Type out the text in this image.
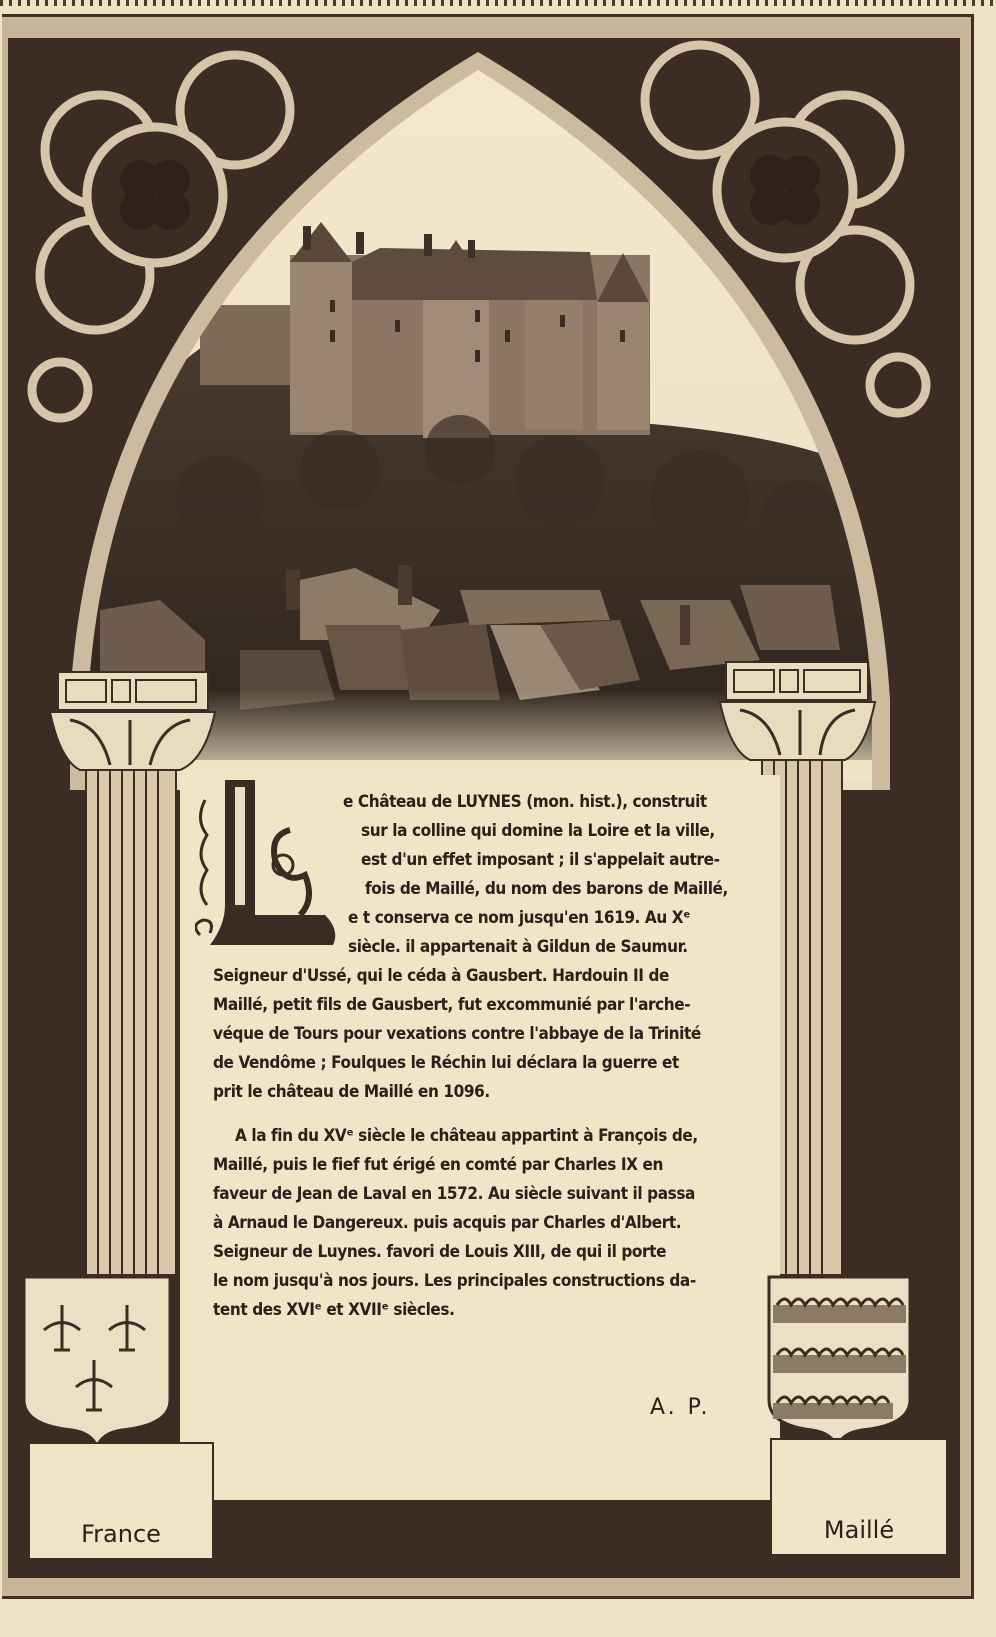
e Château de LUYNES (mon. hist.), construit
sur la colline qui domine la Loire et la ville,
est d'un effet imposant ; il s'appelait autre-
fois de Maillé, du nom des barons de Maillé,
e t conserva ce nom jusqu'en 1619. Au Xᵉ
siècle. il appartenait à Gildun de Saumur.
Seigneur d'Ussé, qui le céda à Gausbert. Hardouin II de
Maillé, petit fils de Gausbert, fut excommunié par l'arche-
véque de Tours pour vexations contre l'abbaye de la Trinité
de Vendôme ; Foulques le Réchin lui déclara la guerre et
prit le château de Maillé en 1096.
A la fin du XVᵉ siècle le château appartint à François de,
Maillé, puis le fief fut érigé en comté par Charles IX en
faveur de Jean de Laval en 1572. Au siècle suivant il passa
à Arnaud le Dangereux. puis acquis par Charles d'Albert.
Seigneur de Luynes. favori de Louis XIII, de qui il porte
le nom jusqu'à nos jours. Les principales constructions da-
tent des XVIᵉ et XVIIᵉ siècles.
A. P.
France	Maillé
